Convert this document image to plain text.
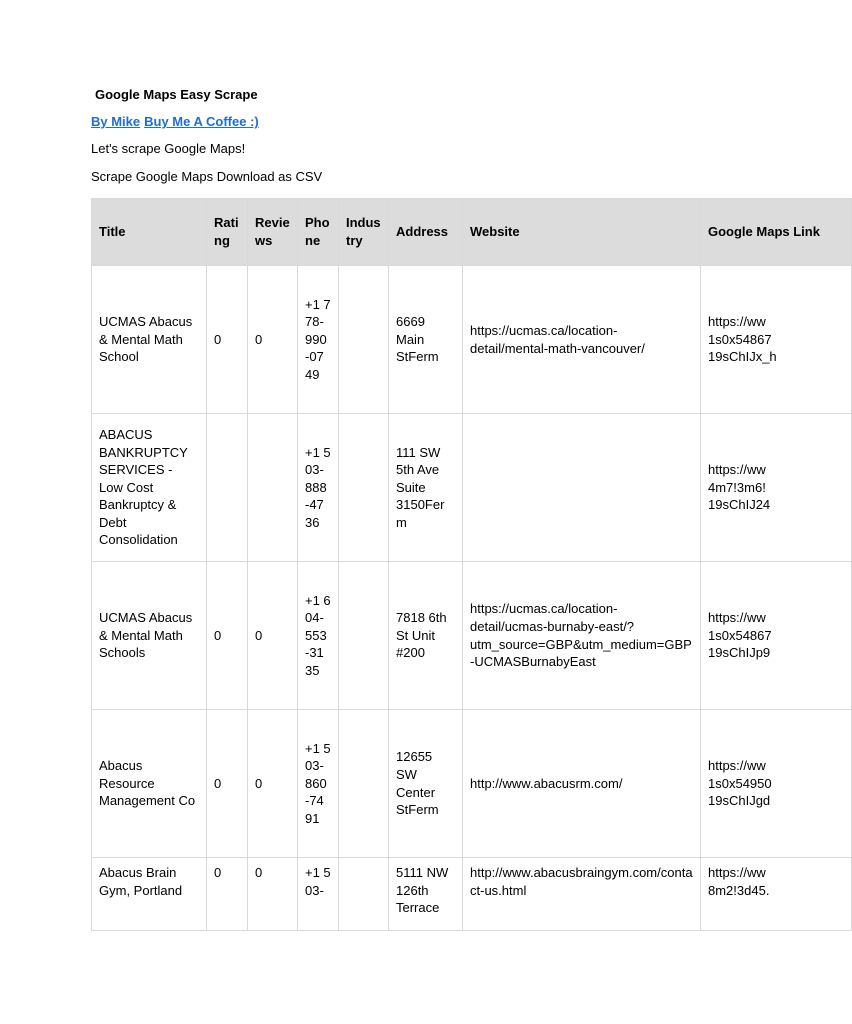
Google Maps Easy Scrape
By Mike Buy Me A Coffee :)
Let's scrape Google Maps!
Scrape Google Maps Download as CSV
Title	Rating	Reviews	Phone	Industry	Address	Website	Google Maps Link
UCMAS Abacus & Mental Math School	0	0	+1 778-990-0749		6669 Main StFerm	https://ucmas.ca/location-detail/mental-math-vancouver/	https://ww
1s0x54867
19sChIJx_h

ABACUS BANKRUPTCY SERVICES - Low Cost Bankruptcy & Debt Consolidation			+1 503-888-4736		111 SW 5th Ave Suite 3150Ferm		https://ww
4m7!3m6!
19sChIJ24

UCMAS Abacus & Mental Math Schools	0	0	+1 604-553-3135		7818 6th St Unit #200	https://ucmas.ca/location-detail/ucmas-burnaby-east/?utm_source=GBP&utm_medium=GBP-UCMASBurnabyEast	https://ww
1s0x54867
19sChIJp9

Abacus Resource Management Co	0	0	+1 503-860-7491		12655 SW Center StFerm	http://www.abacusrm.com/	https://ww
1s0x54950
19sChIJgd

Abacus Brain Gym, Portland	0	0	+1 503-		5111 NW 126th Terrace	http://www.abacusbraingym.com/contact-us.html	https://ww
8m2!3d45.
